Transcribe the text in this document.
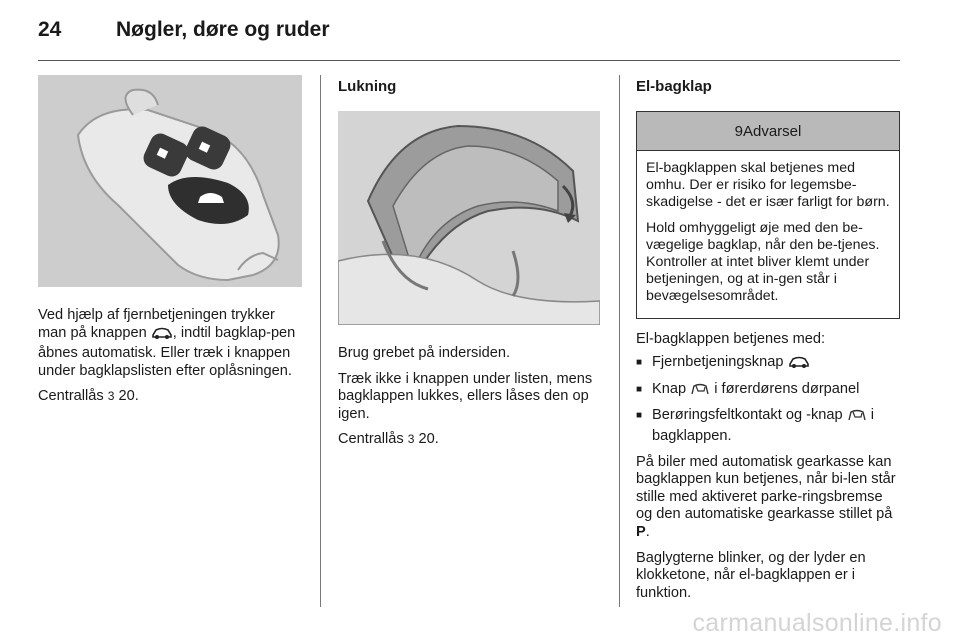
24	Nøgler, døre og ruder

Ved hjælp af fjernbetjeningen trykker man på knappen , indtil bagklap-pen åbnes automatisk. Eller træk i knappen under bagklapslisten efter oplåsningen.

Centrallås 3 20.

Lukning

Brug grebet på indersiden.

Træk ikke i knappen under listen, mens bagklappen lukkes, ellers låses den op igen.

Centrallås 3 20.

El-bagklap
9 Advarsel

El-bagklappen skal betjenes med omhu. Der er risiko for legemsbe-skadigelse - det er især farligt for børn.

Hold omhyggeligt øje med den be-vægelige bagklap, når den be-tjenes. Kontroller at intet bliver klemt under betjeningen, og at in-gen står i bevægelsesområdet.

El-bagklappen betjenes med:

■ Fjernbetjeningsknap
■ Knap i førerdørens dørpanel
■ Berøringsfeltkontakt og -knap i bagklappen.

På biler med automatisk gearkasse kan bagklappen kun betjenes, når bi-len står stille med aktiveret parke-ringsbremse og den automatiske gearkasse stillet på P.

Baglygterne blinker, og der lyder en klokketone, når el-bagklappen er i funktion.

carmanualsonline.info
